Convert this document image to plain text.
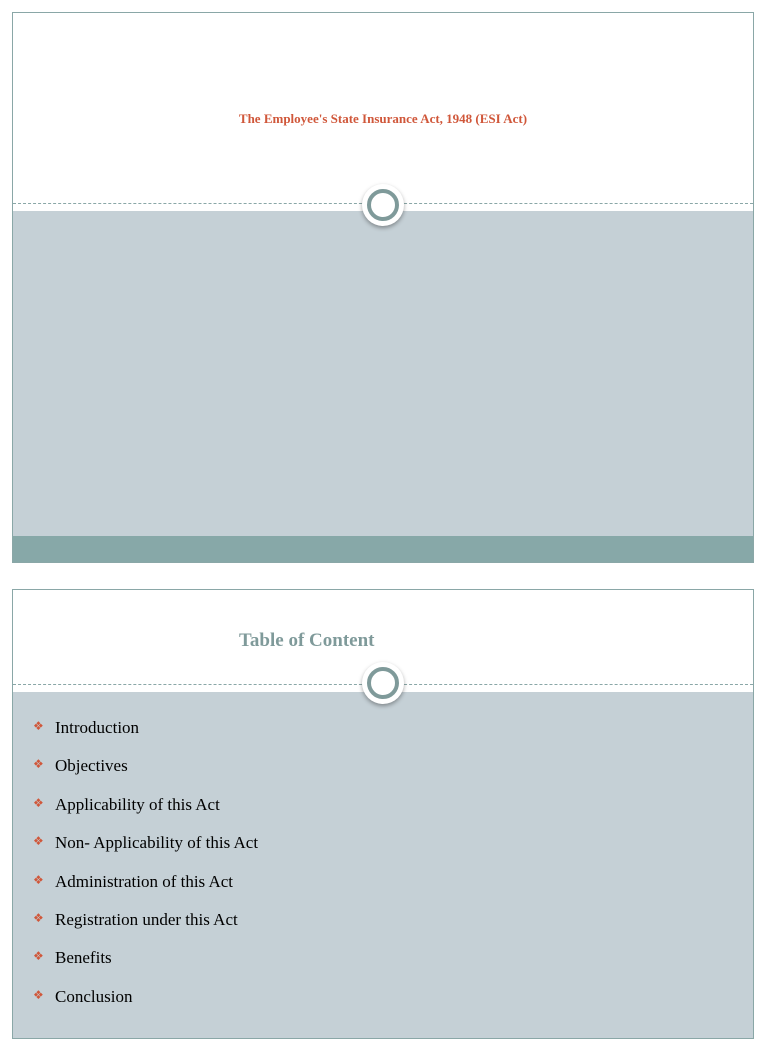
The Employee's State Insurance Act, 1948 (ESI Act)
Table of Content
❖ Introduction
❖ Objectives
❖ Applicability of this Act
❖ Non- Applicability of this Act
❖ Administration of this Act
❖ Registration under this Act
❖ Benefits
❖ Conclusion
